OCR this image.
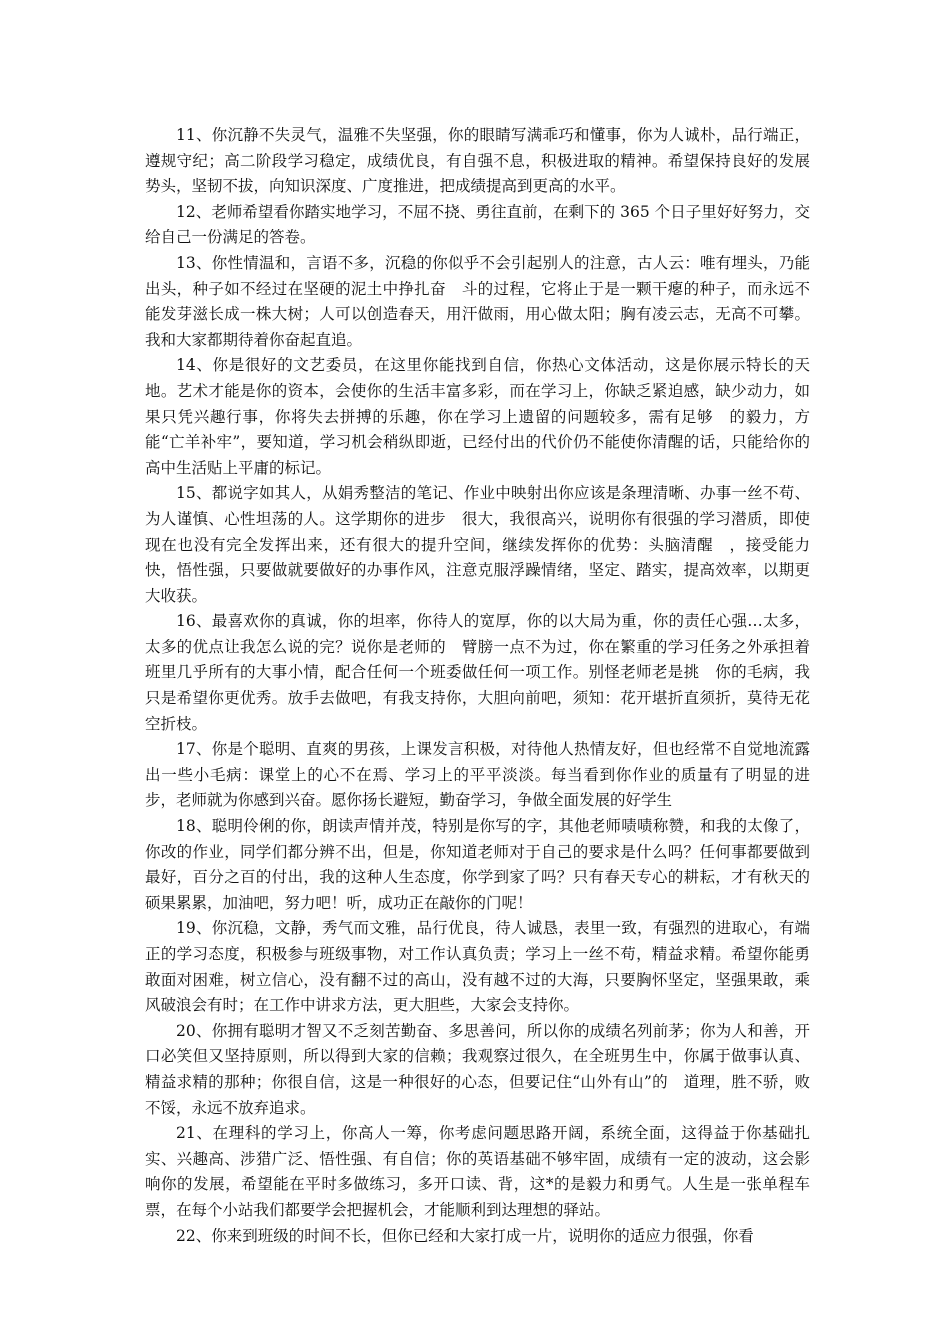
11、你沉静不失灵气，温雅不失坚强，你的眼睛写满乖巧和懂事，你为人诚朴，品行端正，遵规守纪；高二阶段学习稳定，成绩优良，有自强不息，积极进取的精神。希望保持良好的发展势头，坚韧不拔，向知识深度、广度推进，把成绩提高到更高的水平。

12、老师希望看你踏实地学习，不屈不挠、勇往直前，在剩下的 365 个日子里好好努力，交给自己一份满足的答卷。

13、你性情温和，言语不多，沉稳的你似乎不会引起别人的注意，古人云：唯有埋头，乃能出头，种子如不经过在坚硬的泥土中挣扎奋　斗的过程，它将止于是一颗干瘪的种子，而永远不能发芽滋长成一株大树；人可以创造春天，用汗做雨，用心做太阳；胸有凌云志，无高不可攀。我和大家都期待着你奋起直追。

14、你是很好的文艺委员，在这里你能找到自信，你热心文体活动，这是你展示特长的天地。艺术才能是你的资本，会使你的生活丰富多彩，而在学习上，你缺乏紧迫感，缺少动力，如果只凭兴趣行事，你将失去拼搏的乐趣，你在学习上遗留的问题较多，需有足够　的毅力，方能“亡羊补牢”，要知道，学习机会稍纵即逝，已经付出的代价仍不能使你清醒的话，只能给你的高中生活贴上平庸的标记。

15、都说字如其人，从娟秀整洁的笔记、作业中映射出你应该是条理清晰、办事一丝不苟、为人谨慎、心性坦荡的人。这学期你的进步　很大，我很高兴，说明你有很强的学习潜质，即使现在也没有完全发挥出来，还有很大的提升空间，继续发挥你的优势：头脑清醒　，接受能力快，悟性强，只要做就要做好的办事作风，注意克服浮躁情绪，坚定、踏实，提高效率，以期更大收获。

16、最喜欢你的真诚，你的坦率，你待人的宽厚，你的以大局为重，你的责任心强…太多，太多的优点让我怎么说的完？说你是老师的　臂膀一点不为过，你在繁重的学习任务之外承担着班里几乎所有的大事小情，配合任何一个班委做任何一项工作。别怪老师老是挑　你的毛病，我只是希望你更优秀。放手去做吧，有我支持你，大胆向前吧，须知：花开堪折直须折，莫待无花空折枝。

17、你是个聪明、直爽的男孩，上课发言积极，对待他人热情友好，但也经常不自觉地流露出一些小毛病：课堂上的心不在焉、学习上的平平淡淡。每当看到你作业的质量有了明显的进步，老师就为你感到兴奋。愿你扬长避短，勤奋学习，争做全面发展的好学生

18、聪明伶俐的你，朗读声情并茂，特别是你写的字，其他老师啧啧称赞，和我的太像了，你改的作业，同学们都分辨不出，但是，你知道老师对于自己的要求是什么吗？任何事都要做到最好，百分之百的付出，我的这种人生态度，你学到家了吗？只有春天专心的耕耘，才有秋天的硕果累累，加油吧，努力吧！听，成功正在敲你的门呢！

19、你沉稳，文静，秀气而文雅，品行优良，待人诚恳，表里一致，有强烈的进取心，有端正的学习态度，积极参与班级事物，对工作认真负责；学习上一丝不苟，精益求精。希望你能勇敢面对困难，树立信心，没有翻不过的高山，没有越不过的大海，只要胸怀坚定，坚强果敢，乘风破浪会有时；在工作中讲求方法，更大胆些，大家会支持你。

20、你拥有聪明才智又不乏刻苦勤奋、多思善问，所以你的成绩名列前茅；你为人和善，开口必笑但又坚持原则，所以得到大家的信赖；我观察过很久，在全班男生中，你属于做事认真、精益求精的那种；你很自信，这是一种很好的心态，但要记住“山外有山”的　道理，胜不骄，败不馁，永远不放弃追求。

21、在理科的学习上，你高人一筹，你考虑问题思路开阔，系统全面，这得益于你基础扎实、兴趣高、涉猎广泛、悟性强、有自信；你的英语基础不够牢固，成绩有一定的波动，这会影响你的发展，希望能在平时多做练习，多开口读、背，这*的是毅力和勇气。人生是一张单程车票，在每个小站我们都要学会把握机会，才能顺利到达理想的驿站。

22、你来到班级的时间不长，但你已经和大家打成一片，说明你的适应力很强，你看
